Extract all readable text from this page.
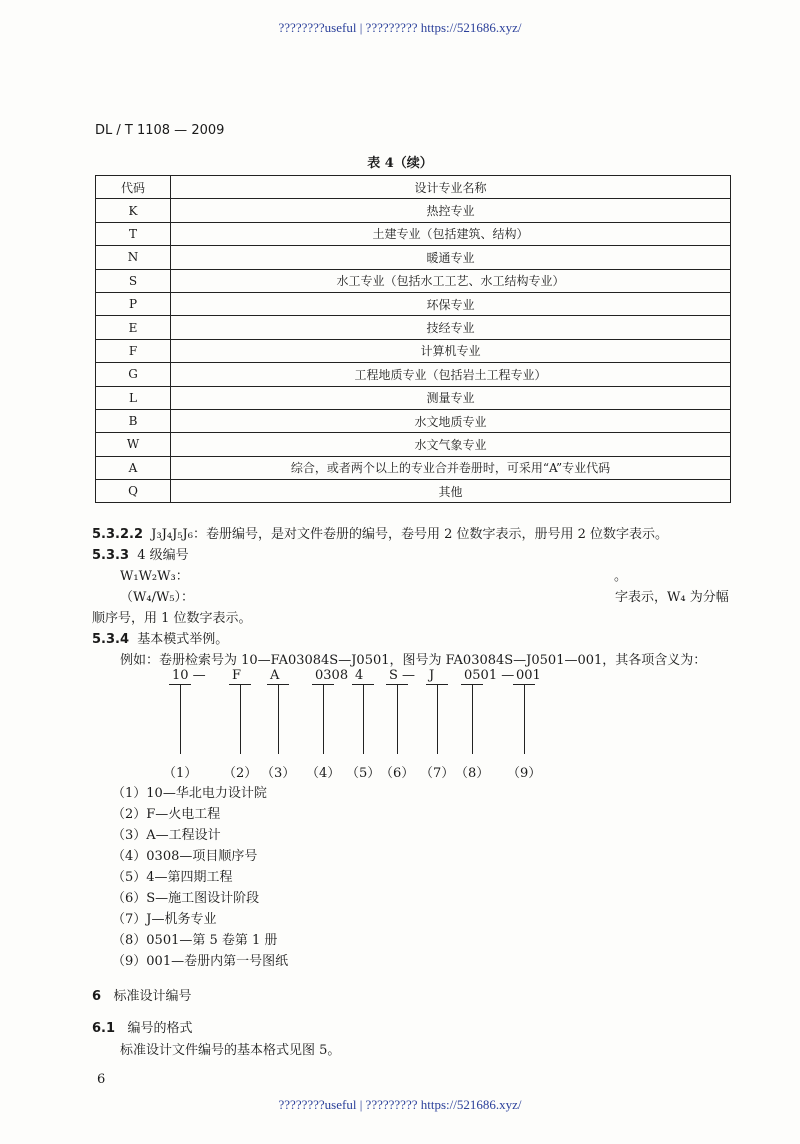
????????useful | ????????? https://521686.xyz/
DL / T 1108 — 2009
表 4（续）
代码	设计专业名称
K	热控专业
T	土建专业（包括建筑、结构）
N	暖通专业
S	水工专业（包括水工工艺、水工结构专业）
P	环保专业
E	技经专业
F	计算机专业
G	工程地质专业（包括岩土工程专业）
L	测量专业
B	水文地质专业
W	水文气象专业
A	综合，或者两个以上的专业合并卷册时，可采用“A”专业代码
Q	其他
5.3.2.2 J₃J₄J₅J₆：卷册编号，是对文件卷册的编号，卷号用 2 位数字表示，册号用 2 位数字表示。
5.3.3 4 级编号
W₁W₂W₃：	。
（W₄/W₅）：	字表示，W₄ 为分幅
顺序号，用 1 位数字表示。
5.3.4 基本模式举例。
例如：卷册检索号为 10—FA03084S—J0501，图号为 FA03084S—J0501—001，其各项含义为：
10 —
（1）
F
（2）
A
（3）
0308
（4）
4
（5）
S —
（6）
J
（7）
0501 —
（8）
001
（9）
（1）10—华北电力设计院
（2）F—火电工程
（3）A—工程设计
（4）0308—项目顺序号
（5）4—第四期工程
（6）S—施工图设计阶段
（7）J—机务专业
（8）0501—第 5 卷第 1 册
（9）001—卷册内第一号图纸
6 标准设计编号
6.1 编号的格式
标准设计文件编号的基本格式见图 5。
6
????????useful | ????????? https://521686.xyz/
